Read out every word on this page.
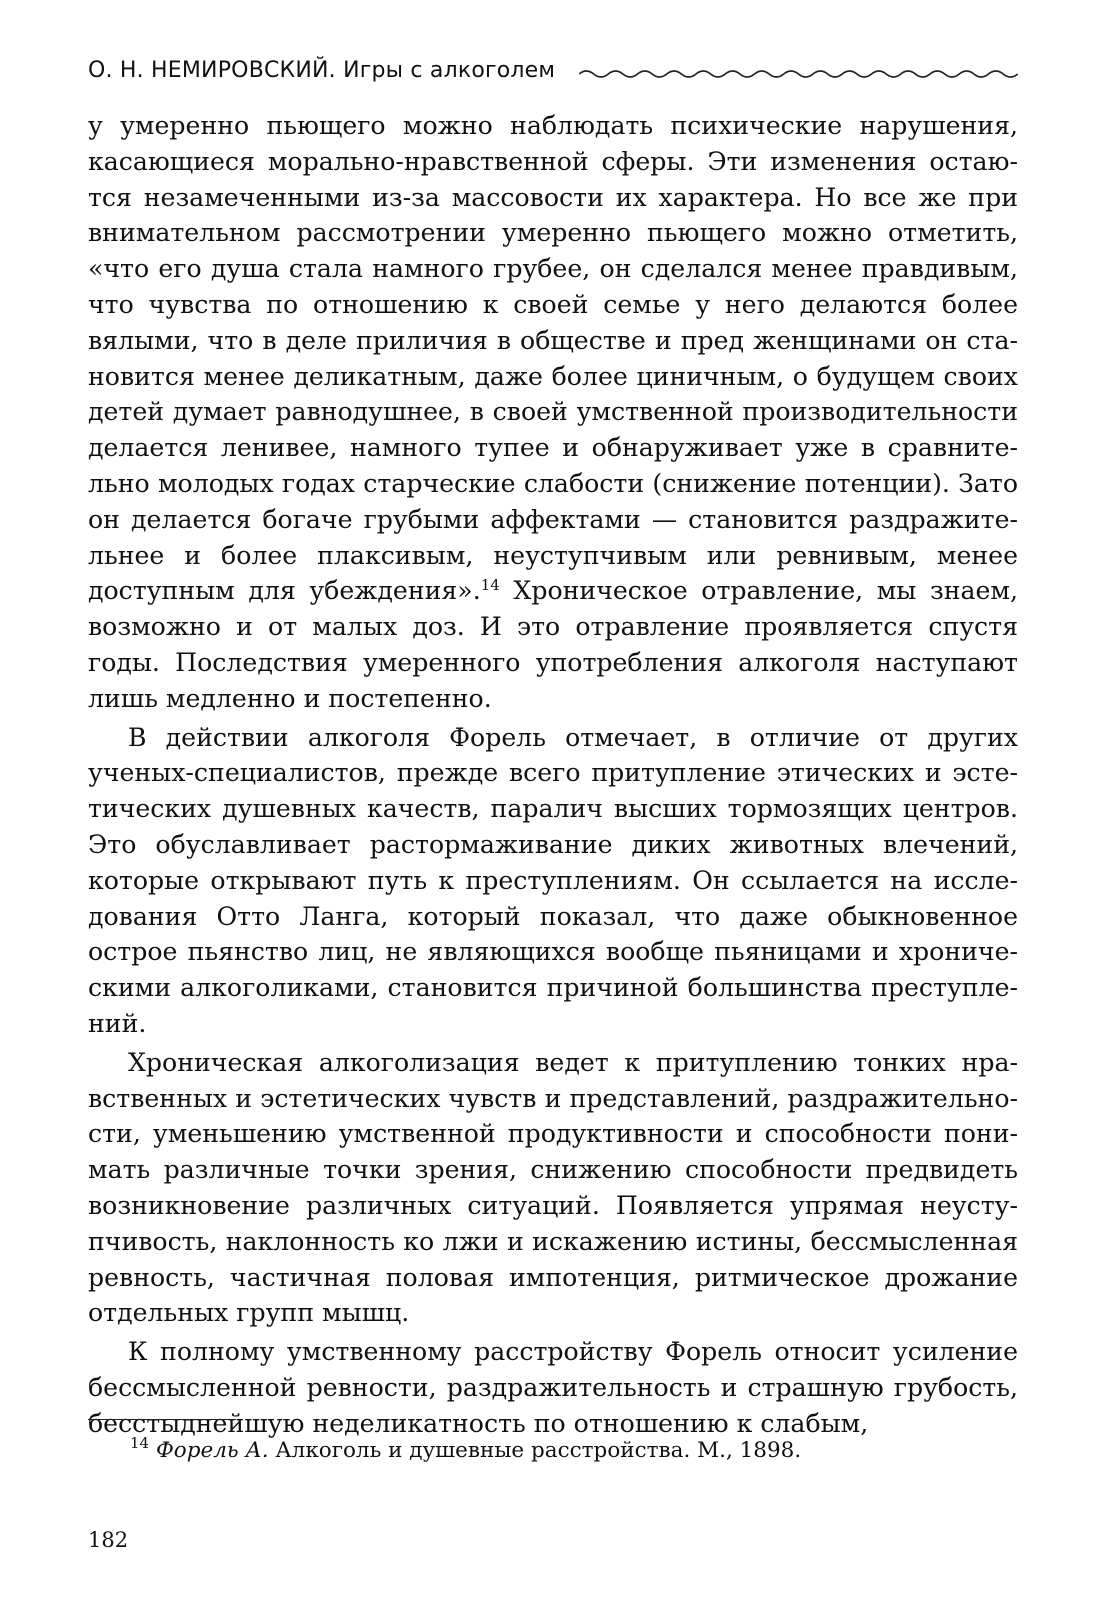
О. Н. НЕМИРОВСКИЙ. Игры с алкоголем

у умеренно пьющего можно наблюдать психические нарушения, касающиеся морально-нравственной сферы. Эти изменения остаются незамеченными из-за массовости их характера. Но все же при внимательном рассмотрении умеренно пьющего можно отметить, «что его душа стала намного грубее, он сделался менее правдивым, что чувства по отношению к своей семье у него делаются более вялыми, что в деле приличия в обществе и пред женщинами он становится менее деликатным, даже более циничным, о будущем своих детей думает равнодушнее, в своей умственной производительности делается ленивее, намного тупее и обнаруживает уже в сравнительно молодых годах старческие слабости (снижение потенции). Зато он делается богаче грубыми аффектами — становится раздражительнее и более плаксивым, неуступчивым или ревнивым, менее доступным для убеждения».$^{14}$ Хроническое отравление, мы знаем, возможно и от малых доз. И это отравление проявляется спустя годы. Последствия умеренного употребления алкоголя наступают лишь медленно и постепенно.

В действии алкоголя Форель отмечает, в отличие от других ученых-специалистов, прежде всего притупление этических и эстетических душевных качеств, паралич высших тормозящих центров. Это обуславливает растормаживание диких животных влечений, которые открывают путь к преступлениям. Он ссылается на исследования Отто Ланга, который показал, что даже обыкновенное острое пьянство лиц, не являющихся вообще пьяницами и хроническими алкоголиками, становится причиной большинства преступлений.

Хроническая алкоголизация ведет к притуплению тонких нравственных и эстетических чувств и представлений, раздражительности, уменьшению умственной продуктивности и способности понимать различные точки зрения, снижению способности предвидеть возникновение различных ситуаций. Появляется упрямая неуступчивость, наклонность ко лжи и искажению истины, бессмысленная ревность, частичная половая импотенция, ритмическое дрожание отдельных групп мышц.

К полному умственному расстройству Форель относит усиление бессмысленной ревности, раздражительность и страшную грубость, бесстыднейшую неделикатность по отношению к слабым,

$^{14}$ Форель А. Алкоголь и душевные расстройства. М., 1898.
182
